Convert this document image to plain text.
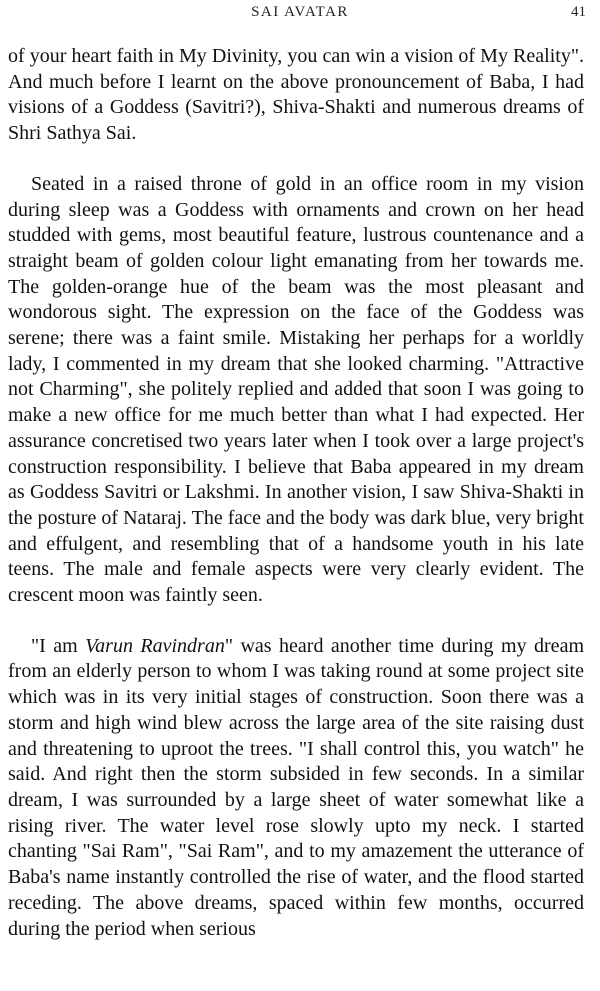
SAI AVATAR	41

of your heart faith in My Divinity, you can win a vision of My Reality". And much before I learnt on the above pronouncement of Baba, I had visions of a Goddess (Savitri?), Shiva-Shakti and numerous dreams of Shri Sathya Sai.

Seated in a raised throne of gold in an office room in my vision during sleep was a Goddess with ornaments and crown on her head studded with gems, most beautiful feature, lustrous countenance and a straight beam of golden colour light emanating from her towards me. The golden-orange hue of the beam was the most pleasant and wondorous sight. The expression on the face of the Goddess was serene; there was a faint smile. Mistaking her perhaps for a worldly lady, I commented in my dream that she looked charming. "Attractive not Charming", she politely replied and added that soon I was going to make a new office for me much better than what I had expected. Her assurance concretised two years later when I took over a large project's construction responsibility. I believe that Baba appeared in my dream as Goddess Savitri or Lakshmi. In another vision, I saw Shiva-Shakti in the posture of Nataraj. The face and the body was dark blue, very bright and effulgent, and resembling that of a handsome youth in his late teens. The male and female aspects were very clearly evident. The crescent moon was faintly seen.

"I am Varun Ravindran" was heard another time during my dream from an elderly person to whom I was taking round at some project site which was in its very initial stages of construction. Soon there was a storm and high wind blew across the large area of the site raising dust and threatening to uproot the trees. "I shall control this, you watch" he said. And right then the storm subsided in few seconds. In a similar dream, I was surrounded by a large sheet of water somewhat like a rising river. The water level rose slowly upto my neck. I started chanting "Sai Ram", "Sai Ram", and to my amazement the utterance of Baba's name instantly controlled the rise of water, and the flood started receding. The above dreams, spaced within few months, occurred during the period when serious
